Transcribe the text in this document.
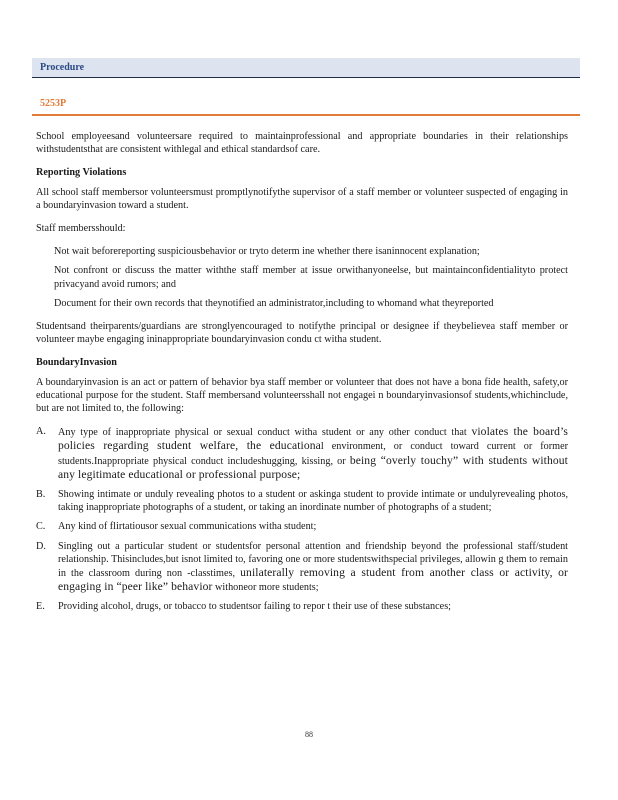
Procedure
5253P

School employeesand volunteersare required to maintainprofessional and appropriate boundaries in their relationships withstudentsthat are consistent withlegal and ethical standardsof care.

Reporting Violations

All school staff membersor volunteersmust promptlynotifythe supervisor of a staff member or volunteer suspected of engaging in a boundaryinvasion toward a student.

Staff membersshould:

Not wait beforereporting suspiciousbehavior or tryto determ ine whether there isaninnocent explanation;
Not confront or discuss the matter withthe staff member at issue orwithanyoneelse, but maintainconfidentialityto protect privacyand avoid rumors; and
Document for their own records that theynotified an administrator,including to whomand what theyreported

Studentsand theirparents/guardians are stronglyencouraged to notifythe principal or designee if theybelievea staff member or volunteer maybe engaging ininappropriate boundaryinvasion condu ct witha student.

BoundaryInvasion

A boundaryinvasion is an act or pattern of behavior bya staff member or volunteer that does not have a bona fide health, safety,or educational purpose for the student. Staff membersand volunteersshall not engagei n boundaryinvasionsof students,whichinclude, but are not limited to, the following:

A. Any type of inappropriate physical or sexual conduct witha student or any other conduct that violates the board’s policies regarding student welfare, the educational environment, or conduct toward current or former students.Inappropriate physical conduct includeshugging, kissing, or being “overly touchy” with students without any legitimate educational or professional purpose;
B. Showing intimate or unduly revealing photos to a student or askinga student to provide intimate or undulyrevealing photos, taking inappropriate photographs of a student, or taking an inordinate number of photographs of a student;
C. Any kind of flirtatiousor sexual communications witha student;
D. Singling out a particular student or studentsfor personal attention and friendship beyond the professional staff/student relationship. Thisincludes,but isnot limited to, favoring one or more studentswithspecial privileges, allowin g them to remain in the classroom during non -classtimes, unilaterally removing a student from another class or activity, or engaging in “peer like” behavior withoneor more students;
E. Providing alcohol, drugs, or tobacco to studentsor failing to repor t their use of these substances;
88
